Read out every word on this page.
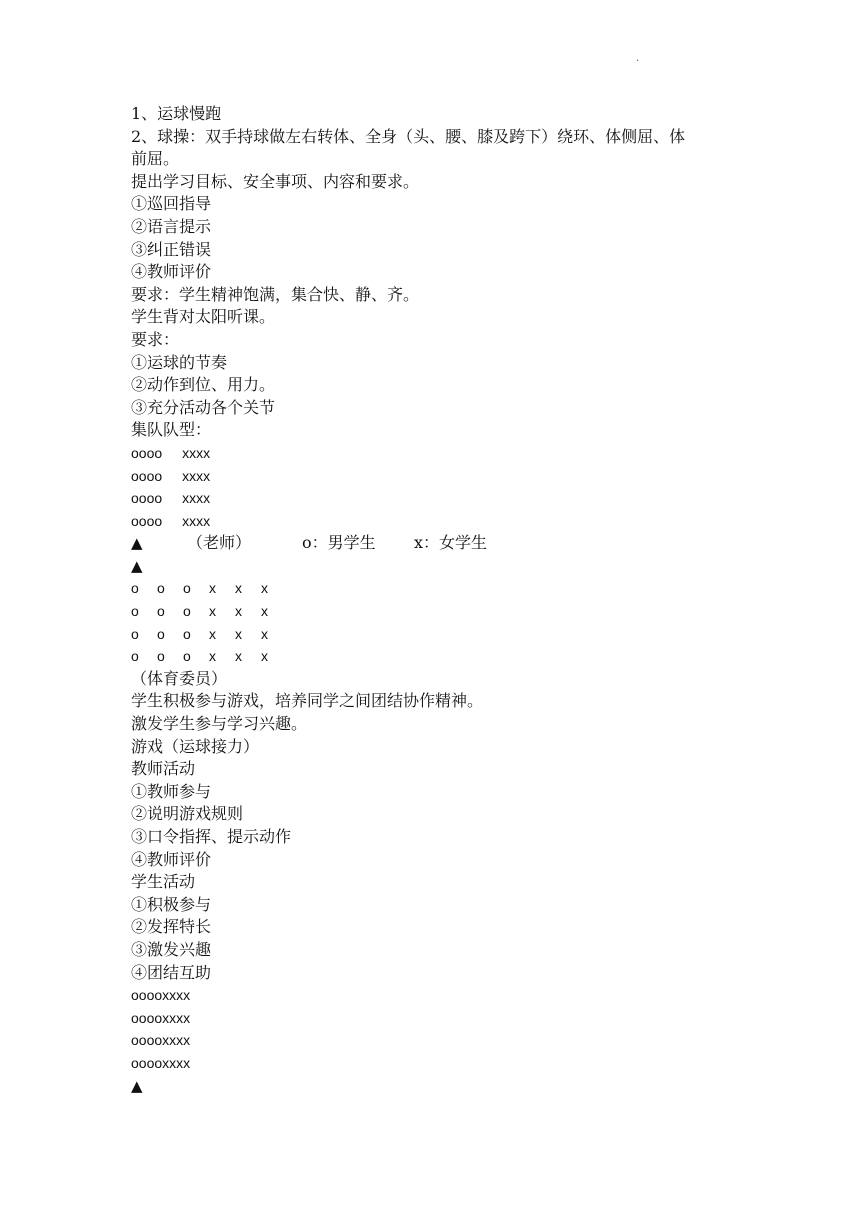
.
1、运球慢跑
2、球操：双手持球做左右转体、全身（头、腰、膝及跨下）绕环、体侧屈、体
前屈。
提出学习目标、安全事项、内容和要求。
①巡回指导
②语言提示
③纠正错误
④教师评价
要求：学生精神饱满，集合快、静、齐。
学生背对太阳听课。
要求：
①运球的节奏
②动作到位、用力。
③充分活动各个关节
集队队型：
oooo xxxx
oooo xxxx
oooo xxxx
oooo xxxx
▲	（老师）	o：男学生 x：女学生
▲
o o o x x x
o o o x x x
o o o x x x
o o o x x x
（体育委员）
学生积极参与游戏，培养同学之间团结协作精神。
激发学生参与学习兴趣。
游戏（运球接力）
教师活动
①教师参与
②说明游戏规则
③口令指挥、提示动作
④教师评价
学生活动
①积极参与
②发挥特长
③激发兴趣
④团结互助
ooooxxxx
ooooxxxx
ooooxxxx
ooooxxxx
▲
